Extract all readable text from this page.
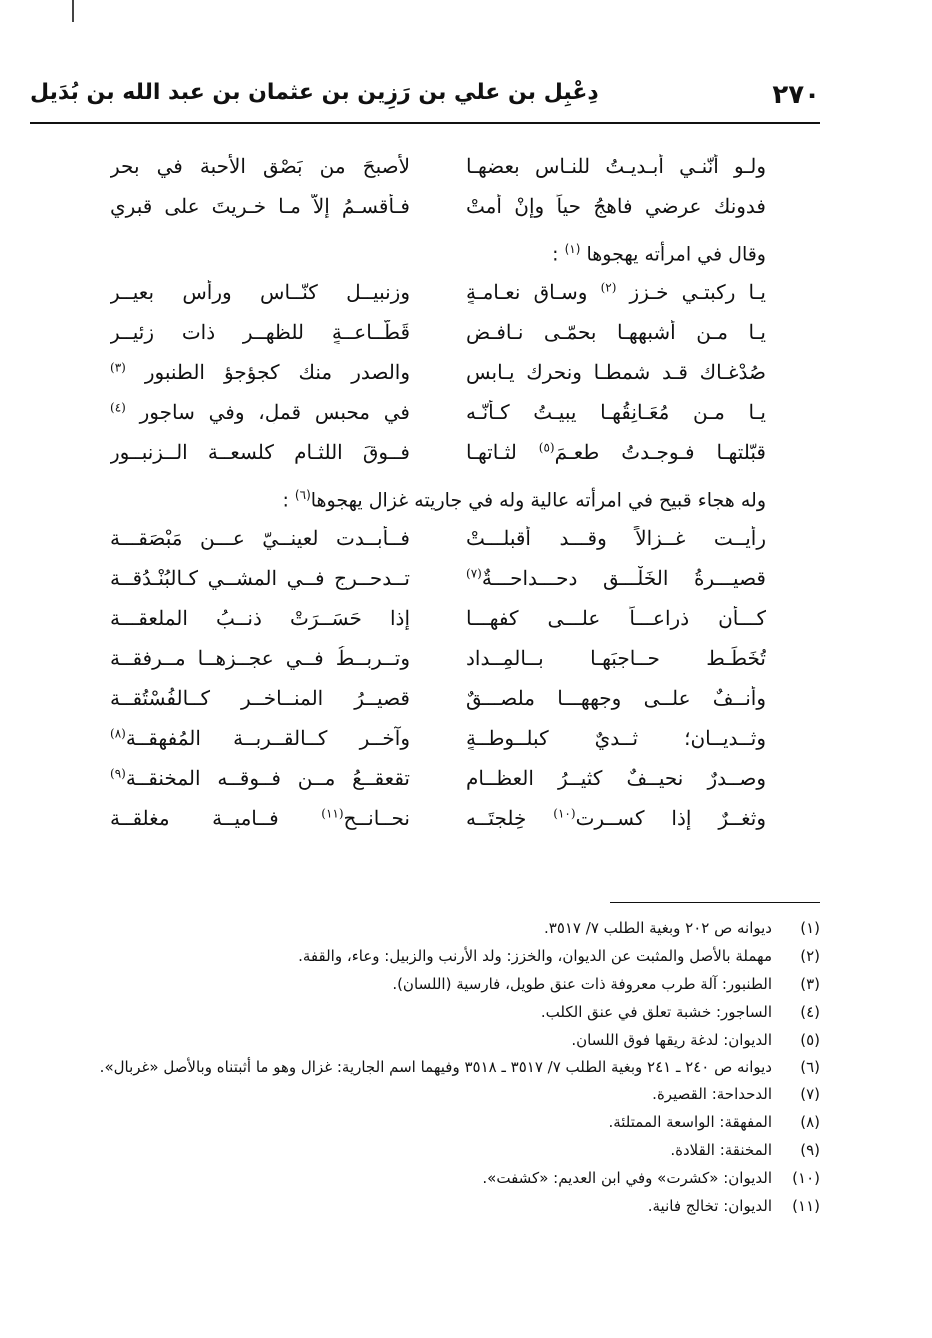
٢٧٠
دِعْبِل بن علي بن رَزِين بن عثمان بن عبد الله بن بُدَيل
ولـو أنّنـي أبـديـتُ للنـاس بعضهـا
لأصبحَ من بَصْقِ الأحبة في بحر
فدونك عرضي فاهجُ حياً وإنْ أمتْ
فـأقسـمُ إلاّ مـا خـريتَ على قبري
وقال في امرأته يهجوها $^{(١)}$ :
يـا ركبتـي خـزز $^{(٢)}$ وسـاق نعـامـةٍ
وزنبيــل كنّــاسٍ ورأس بعيــرِ
يـا مـن أشبههـا بحمّـى نـافـضٍ
قَطَّــاعــةٍ للظهــرِ ذات زئيــر
صُدْغـاك قـد شمطـا ونحرك يـابس
والصدر منك كجؤجؤ الطنبور $^{(٣)}$
يـا مـن مُعَـانِقُهـا يبيـتُ كـأنّـه
في محبس قملٍ، وفي ساجور $^{(٤)}$
قبّلتهـا فـوجـدتُ طعـمَ$^{(٥)}$ لثـاتهـا
فــوقَ اللثـام كلسعــة الــزنبــور
وله هجاء قبيح في امرأته عالية وله في جاريته غزال يهجوها$^{(٦)}$ :
رأيــت غــزالاً وقـــد أقبلـــتْ
فــأبــدت لعينــيّ عـــن مَبْصَقـــة
قصيـــرةُ الخَلْـــق دحـــداحـــةٌ$^{(٧)}$
تــدحــرج فــي المشــي كـالبُنْـدُقــة
كـــأن ذراعـــاً علـــى كفهـــا
إذا حَسَــرَتْ ذنــبُ الملعقـــة
تُخَطِّـط حــاجبَهـا بــالمِــداد
وتــربــطُ فــي عجــزهــا مــرفقــة
وأنــفٌ علــى وجههـــا ملصـــقٌ
قصيــرُ المنــاخــر كــالفُسْتُقــة
وثــديــان؛ ثــديٌ كبلــوطــةٍ
وآخــر كــالقــربــة المُفهقــة$^{(٨)}$
وصــدرٌ نحيــفٌ كثيــرُ العظــام
تقعقــعُ مــن فــوقــه المخنقــة$^{(٩)}$
وثغــرٌ إذا كســرت$^{(١٠)}$ خِلجتَــه
نحــانــح$^{(١١)}$ فــاميــة مغلقــة
(١)
ديوانه ص ٢٠٢ وبغية الطلب ٧/ ٣٥١٧.
(٢)
مهملة بالأصل والمثبت عن الديوان، والخزز: ولد الأرنب والزبيل: وعاء، والقفة.
(٣)
الطنبور: آلة طرب معروفة ذات عنق طويل، فارسية (اللسان).
(٤)
الساجور: خشبة تعلق في عنق الكلب.
(٥)
الديوان: لدغة ريقها فوق اللسان.
(٦)
ديوانه ص ٢٤٠ ـ ٢٤١ وبغية الطلب ٧/ ٣٥١٧ ـ ٣٥١٨ وفيهما اسم الجارية: غزال وهو ما أثبتناه وبالأصل «غربال».
(٧)
الدحداحة: القصيرة.
(٨)
المفهقة: الواسعة الممتلئة.
(٩)
المخنقة: القلادة.
(١٠)
الديوان: «كشرت» وفي ابن العديم: «كشفت».
(١١)
الديوان: تخالج فانية.
